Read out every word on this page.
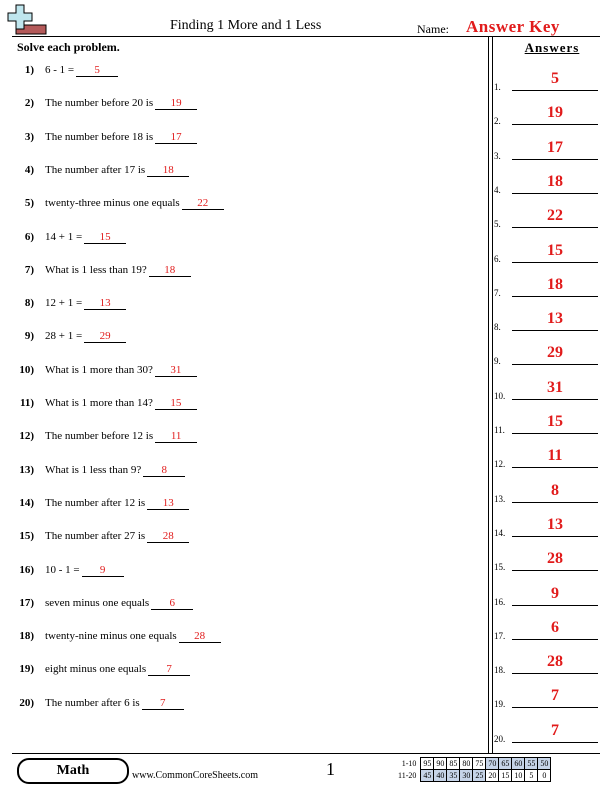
Finding 1 More and 1 Less	Name: Answer Key
Solve each problem.	Answers
1) 6 - 1 = 5
2) The number before 20 is 19
3) The number before 18 is 17
4) The number after 17 is 18
5) twenty-three minus one equals 22
6) 14 + 1 = 15
7) What is 1 less than 19? 18
8) 12 + 1 = 13
9) 28 + 1 = 29
10) What is 1 more than 30? 31
11) What is 1 more than 14? 15
12) The number before 12 is 11
13) What is 1 less than 9? 8
14) The number after 12 is 13
15) The number after 27 is 28
16) 10 - 1 = 9
17) seven minus one equals 6
18) twenty-nine minus one equals 28
19) eight minus one equals 7
20) The number after 6 is 7
1.	5
2.	19
3.	17
4.	18
5.	22
6.	15
7.	18
8.	13
9.	29
10.	31
11.	15
12.	11
13.	8
14.	13
15.	28
16.	9
17.	6
18.	28
19.	7
20.	7
Math	www.CommonCoreSheets.com	1	1-10	95	90	85	80	75	70	65	60	55	50
11-20	45	40	35	30	25	20	15	10	5	0
